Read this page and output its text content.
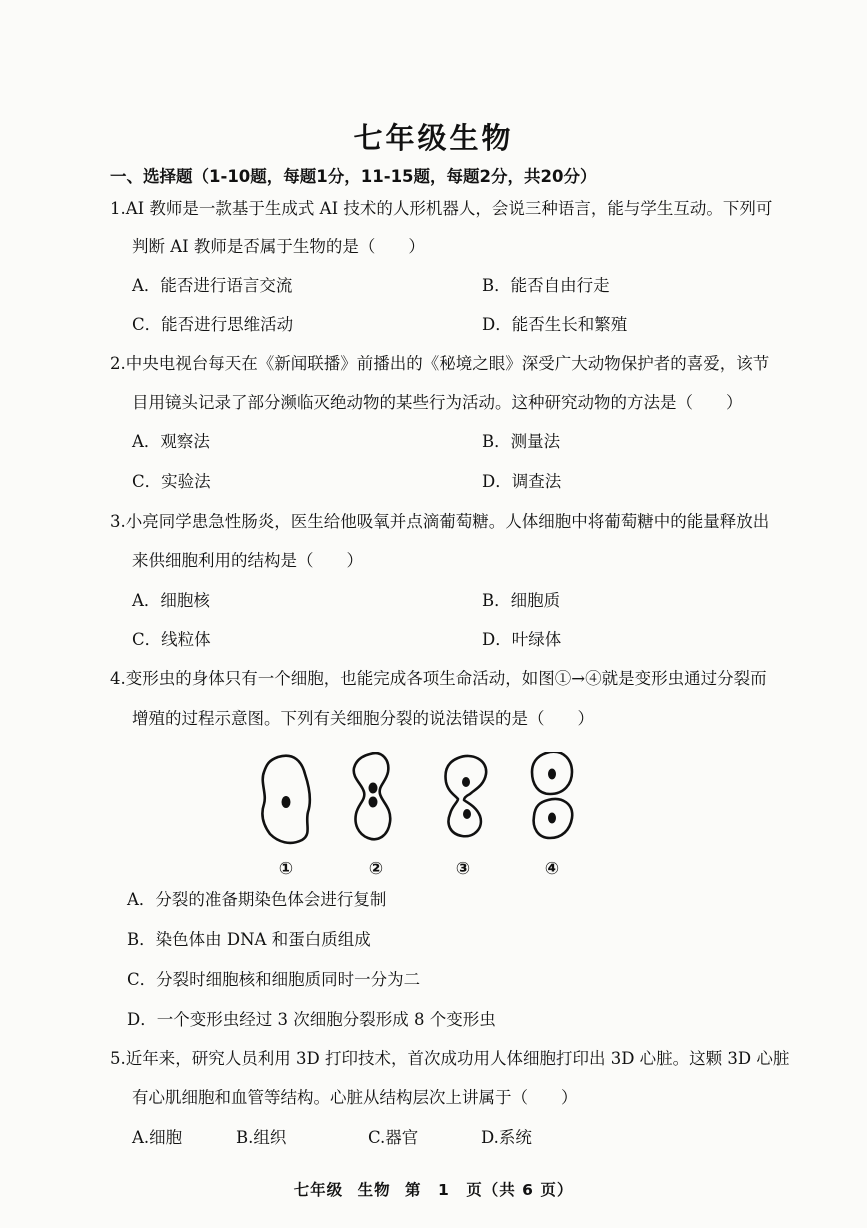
七年级生物
一、选择题（1-10题，每题1分，11-15题，每题2分，共20分）
1.AI 教师是一款基于生成式 AI 技术的人形机器人，会说三种语言，能与学生互动。下列可
判断 AI 教师是否属于生物的是（　　）
A．能否进行语言交流	B．能否自由行走
C．能否进行思维活动	D．能否生长和繁殖
2.中央电视台每天在《新闻联播》前播出的《秘境之眼》深受广大动物保护者的喜爱，该节
目用镜头记录了部分濒临灭绝动物的某些行为活动。这种研究动物的方法是（　　）
A．观察法	B．测量法
C．实验法	D．调查法
3.小亮同学患急性肠炎，医生给他吸氧并点滴葡萄糖。人体细胞中将葡萄糖中的能量释放出
来供细胞利用的结构是（　　）
A．细胞核	B．细胞质
C．线粒体	D．叶绿体
4.变形虫的身体只有一个细胞，也能完成各项生命活动，如图①→④就是变形虫通过分裂而
增殖的过程示意图。下列有关细胞分裂的说法错误的是（　　）
①	②	③	④
A．分裂的准备期染色体会进行复制
B．染色体由 DNA 和蛋白质组成
C．分裂时细胞核和细胞质同时一分为二
D．一个变形虫经过 3 次细胞分裂形成 8 个变形虫
5.近年来，研究人员利用 3D 打印技术，首次成功用人体细胞打印出 3D 心脏。这颗 3D 心脏
有心肌细胞和血管等结构。心脏从结构层次上讲属于（　　）
A.细胞	B.组织	C.器官	D.系统
七年级 生物 第　1　页（共 6 页）
